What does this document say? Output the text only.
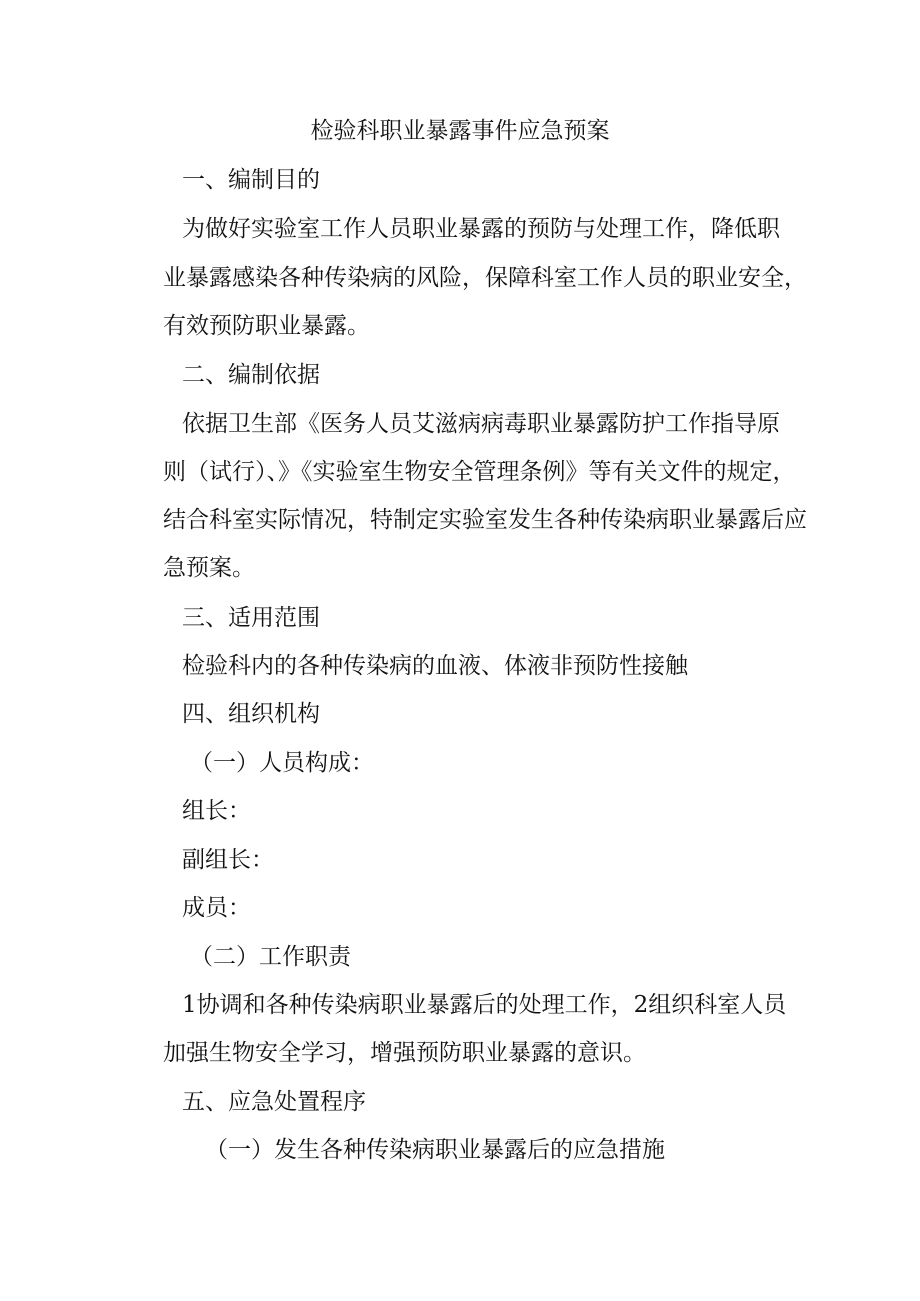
检验科职业暴露事件应急预案

一、编制目的

为做好实验室工作人员职业暴露的预防与处理工作，降低职

业暴露感染各种传染病的风险，保障科室工作人员的职业安全，

有效预防职业暴露。

二、编制依据

依据卫生部《医务人员艾滋病病毒职业暴露防护工作指导原

则（试行）、》《实验室生物安全管理条例》等有关文件的规定，

结合科室实际情况，特制定实验室发生各种传染病职业暴露后应

急预案。

三、适用范围

检验科内的各种传染病的血液、体液非预防性接触

四、组织机构

（一）人员构成：

组长：

副组长：

成员：

（二）工作职责

1协调和各种传染病职业暴露后的处理工作，2组织科室人员

加强生物安全学习，增强预防职业暴露的意识。

五、应急处置程序

（一）发生各种传染病职业暴露后的应急措施
